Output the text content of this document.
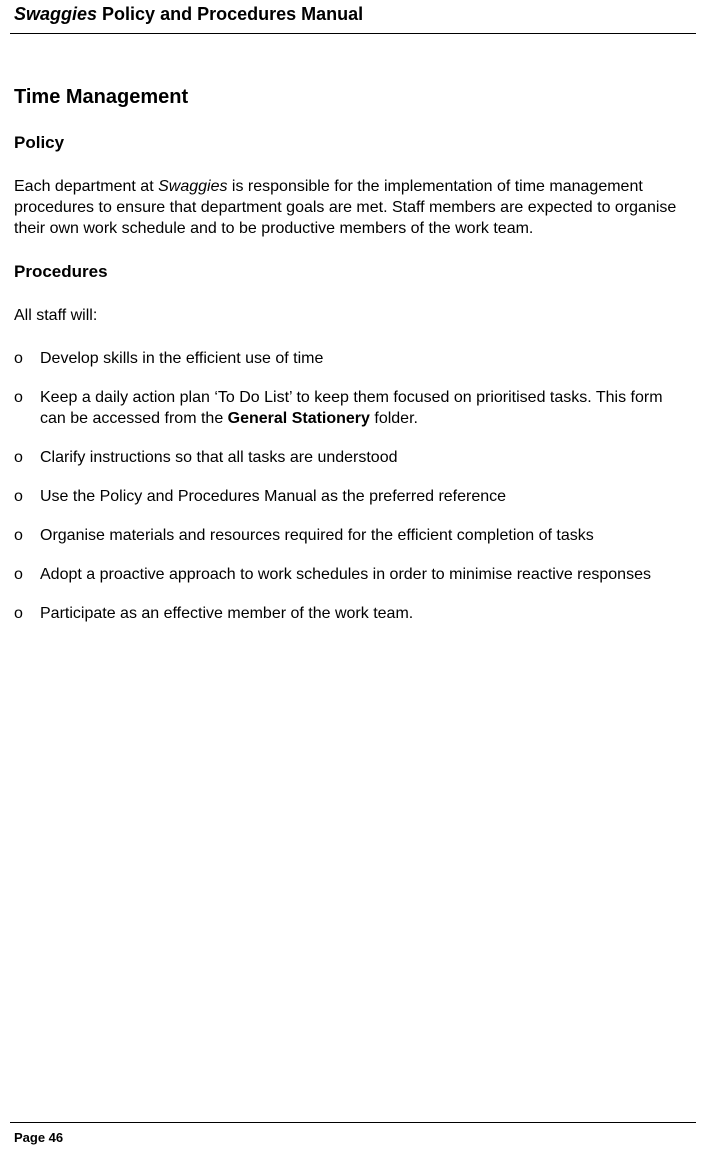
Swaggies Policy and Procedures Manual
Time Management
Policy

Each department at Swaggies is responsible for the implementation of time management procedures to ensure that department goals are met. Staff members are expected to organise their own work schedule and to be productive members of the work team.

Procedures

All staff will:

o Develop skills in the efficient use of time
o Keep a daily action plan ‘To Do List’ to keep them focused on prioritised tasks. This form can be accessed from the General Stationery folder.
o Clarify instructions so that all tasks are understood
o Use the Policy and Procedures Manual as the preferred reference
o Organise materials and resources required for the efficient completion of tasks
o Adopt a proactive approach to work schedules in order to minimise reactive responses
o Participate as an effective member of the work team.
Page 46
